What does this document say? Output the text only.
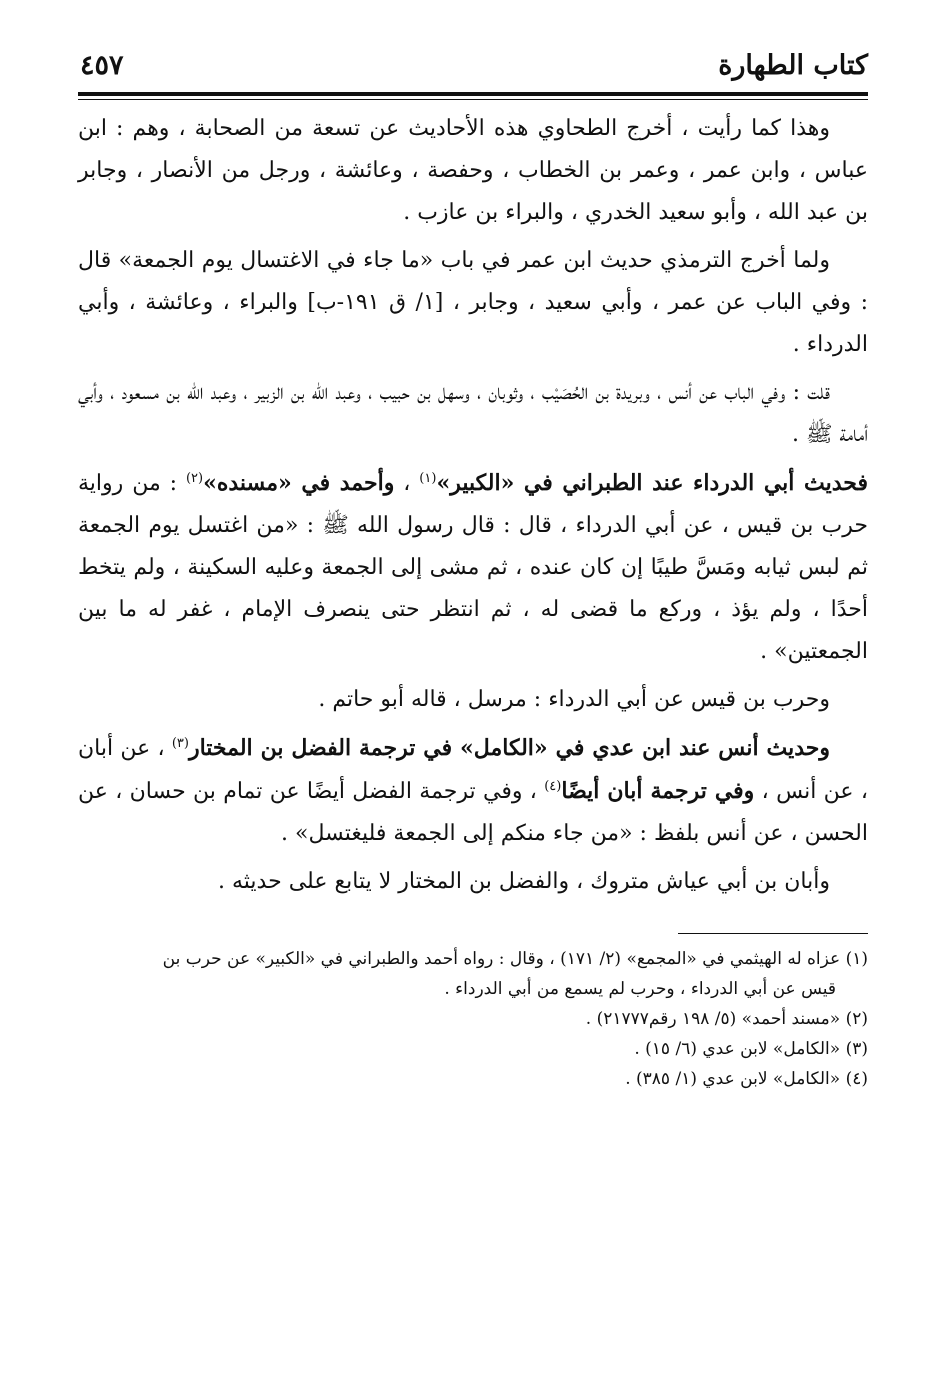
كتاب الطهارة
٤٥٧

وهذا كما رأيت ، أخرج الطحاوي هذه الأحاديث عن تسعة من الصحابة ، وهم : ابن عباس ، وابن عمر ، وعمر بن الخطاب ، وحفصة ، وعائشة ، ورجل من الأنصار ، وجابر بن عبد الله ، وأبو سعيد الخدري ، والبراء بن عازب .

ولما أخرج الترمذي حديث ابن عمر في باب «ما جاء في الاغتسال يوم الجمعة» قال : وفي الباب عن عمر ، وأبي سعيد ، وجابر ، [١/ ق ١٩١-ب] والبراء ، وعائشة ، وأبي الدرداء .

قلت : وفي الباب عن أنس ، وبريدة بن الحُصَيْب ، وثوبان ، وسهل بن حبيب ، وعبد الله بن الزبير ، وعبد الله بن مسعود ، وأبي أمامة ﷺ .

فحديث أبي الدرداء عند الطبراني في «الكبير»$^{(١)}$ ، وأحمد في «مسنده»$^{(٢)}$ : من رواية حرب بن قيس ، عن أبي الدرداء ، قال : قال رسول الله ﷺ : «من اغتسل يوم الجمعة ثم لبس ثيابه ومَسَّ طيبًا إن كان عنده ، ثم مشى إلى الجمعة وعليه السكينة ، ولم يتخط أحدًا ، ولم يؤذ ، وركع ما قضى له ، ثم انتظر حتى ينصرف الإمام ، غفر له ما بين الجمعتين» .

وحرب بن قيس عن أبي الدرداء : مرسل ، قاله أبو حاتم .

وحديث أنس عند ابن عدي في «الكامل» في ترجمة الفضل بن المختار$^{(٣)}$ ، عن أبان ، عن أنس ، وفي ترجمة أبان أيضًا$^{(٤)}$ ، وفي ترجمة الفضل أيضًا عن تمام بن حسان ، عن الحسن ، عن أنس بلفظ : «من جاء منكم إلى الجمعة فليغتسل» .

وأبان بن أبي عياش متروك ، والفضل بن المختار لا يتابع على حديثه .

(١) عزاه له الهيثمي في «المجمع» (٢/ ١٧١) ، وقال : رواه أحمد والطبراني في «الكبير» عن حرب بن
قيس عن أبي الدرداء ، وحرب لم يسمع من أبي الدرداء .
(٢) «مسند أحمد» (٥/ ١٩٨ رقم٢١٧٧٧) .
(٣) «الكامل» لابن عدي (٦/ ١٥) .
(٤) «الكامل» لابن عدي (١/ ٣٨٥) .
